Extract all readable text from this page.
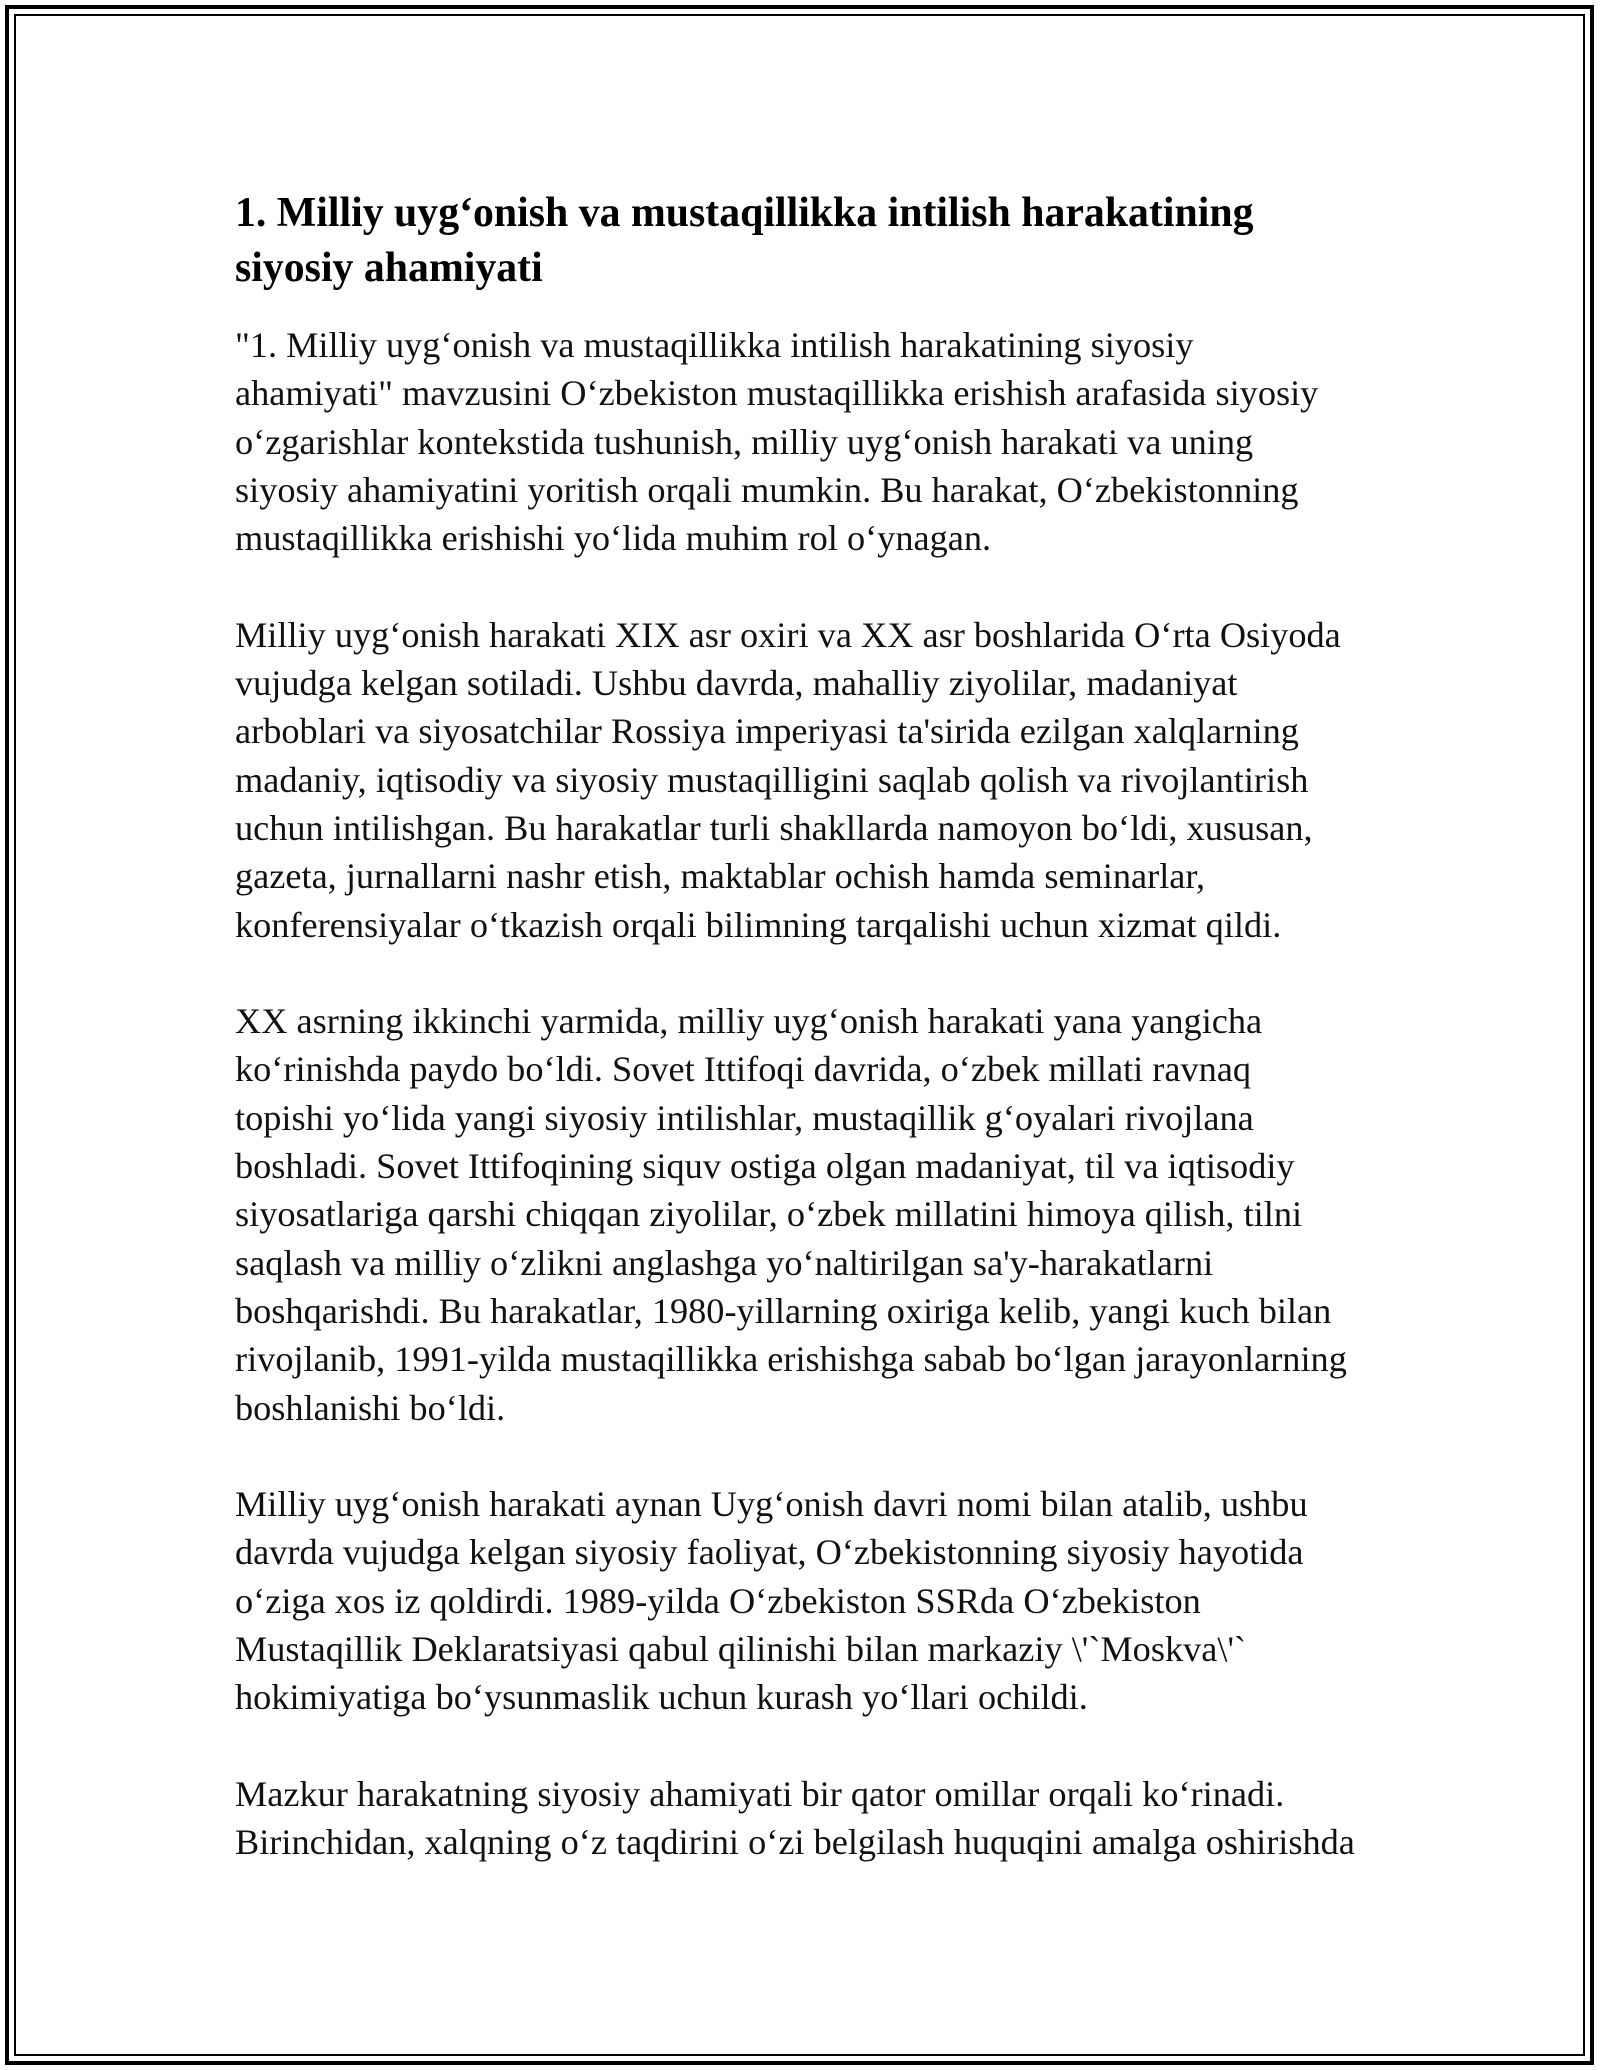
1. Milliy uyg‘onish va mustaqillikka intilish harakatining
siyosiy ahamiyati

"1. Milliy uyg‘onish va mustaqillikka intilish harakatining siyosiy
ahamiyati" mavzusini O‘zbekiston mustaqillikka erishish arafasida siyosiy
o‘zgarishlar kontekstida tushunish, milliy uyg‘onish harakati va uning
siyosiy ahamiyatini yoritish orqali mumkin. Bu harakat, O‘zbekistonning
mustaqillikka erishishi yo‘lida muhim rol o‘ynagan.

Milliy uyg‘onish harakati XIX asr oxiri va XX asr boshlarida O‘rta Osiyoda
vujudga kelgan sotiladi. Ushbu davrda, mahalliy ziyolilar, madaniyat
arboblari va siyosatchilar Rossiya imperiyasi ta'sirida ezilgan xalqlarning
madaniy, iqtisodiy va siyosiy mustaqilligini saqlab qolish va rivojlantirish
uchun intilishgan. Bu harakatlar turli shakllarda namoyon bo‘ldi, xususan,
gazeta, jurnallarni nashr etish, maktablar ochish hamda seminarlar,
konferensiyalar o‘tkazish orqali bilimning tarqalishi uchun xizmat qildi.

XX asrning ikkinchi yarmida, milliy uyg‘onish harakati yana yangicha
ko‘rinishda paydo bo‘ldi. Sovet Ittifoqi davrida, o‘zbek millati ravnaq
topishi yo‘lida yangi siyosiy intilishlar, mustaqillik g‘oyalari rivojlana
boshladi. Sovet Ittifoqining siquv ostiga olgan madaniyat, til va iqtisodiy
siyosatlariga qarshi chiqqan ziyolilar, o‘zbek millatini himoya qilish, tilni
saqlash va milliy o‘zlikni anglashga yo‘naltirilgan sa'y-harakatlarni
boshqarishdi. Bu harakatlar, 1980-yillarning oxiriga kelib, yangi kuch bilan
rivojlanib, 1991-yilda mustaqillikka erishishga sabab bo‘lgan jarayonlarning
boshlanishi bo‘ldi.

Milliy uyg‘onish harakati aynan Uyg‘onish davri nomi bilan atalib, ushbu
davrda vujudga kelgan siyosiy faoliyat, O‘zbekistonning siyosiy hayotida
o‘ziga xos iz qoldirdi. 1989-yilda O‘zbekiston SSRda O‘zbekiston
Mustaqillik Deklaratsiyasi qabul qilinishi bilan markaziy \'`Moskva\'`
hokimiyatiga bo‘ysunmaslik uchun kurash yo‘llari ochildi.

Mazkur harakatning siyosiy ahamiyati bir qator omillar orqali ko‘rinadi.
Birinchidan, xalqning o‘z taqdirini o‘zi belgilash huquqini amalga oshirishda
